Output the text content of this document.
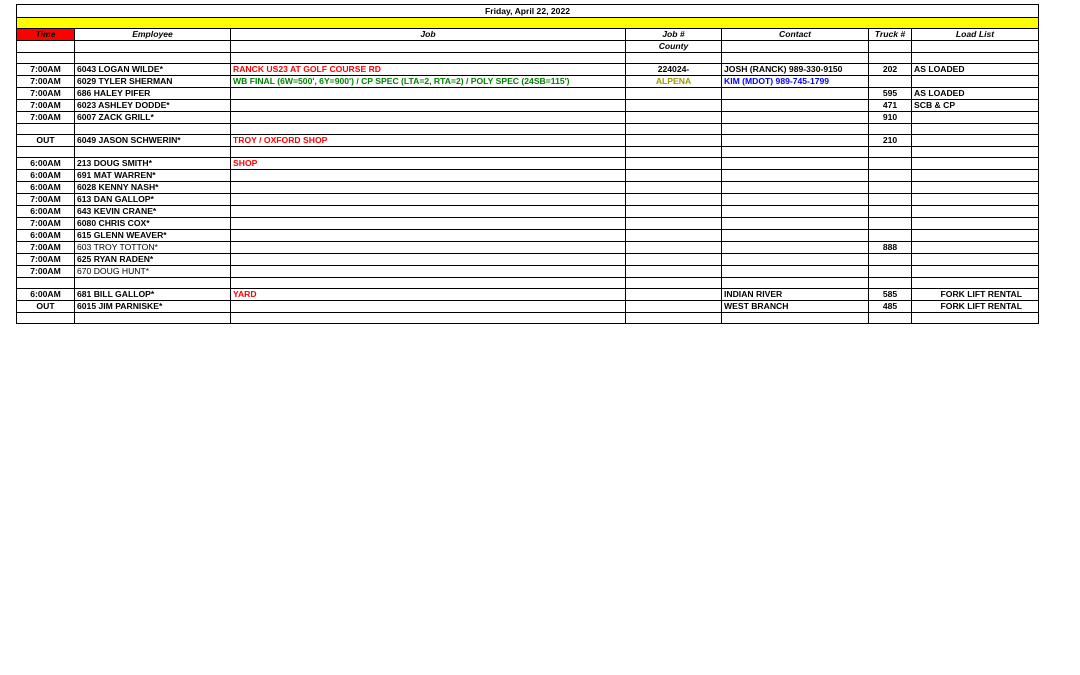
Friday, April 22, 2022						

Time	Employee	Job	Job #	Contact	Truck #	Load List
			County			

7:00AM	6043 LOGAN WILDE*	RANCK US23 AT GOLF COURSE RD	224024-	JOSH (RANCK) 989-330-9150	202	AS LOADED
7:00AM	6029 TYLER SHERMAN	WB FINAL (6W=500', 6Y=900') / CP SPEC (LTA=2, RTA=2) / POLY SPEC (24SB=115')	ALPENA	KIM (MDOT) 989-745-1799		
7:00AM	686 HALEY PIFER				595	AS LOADED
7:00AM	6023 ASHLEY DODDE*				471	SCB & CP
7:00AM	6007 ZACK GRILL*				910	

OUT	6049 JASON SCHWERIN*	TROY / OXFORD SHOP			210	

6:00AM	213 DOUG SMITH*	SHOP				
6:00AM	691 MAT WARREN*					
6:00AM	6028 KENNY NASH*					
7:00AM	613 DAN GALLOP*					
6:00AM	643 KEVIN CRANE*					
7:00AM	6080 CHRIS COX*					
6:00AM	615 GLENN WEAVER*					
7:00AM	603 TROY TOTTON*				888	
7:00AM	625 RYAN RADEN*					
7:00AM	670 DOUG HUNT*					

6:00AM	681 BILL GALLOP*	YARD		INDIAN RIVER	585	FORK LIFT RENTAL
OUT	6015 JIM PARNISKE*			WEST BRANCH	485	FORK LIFT RENTAL
